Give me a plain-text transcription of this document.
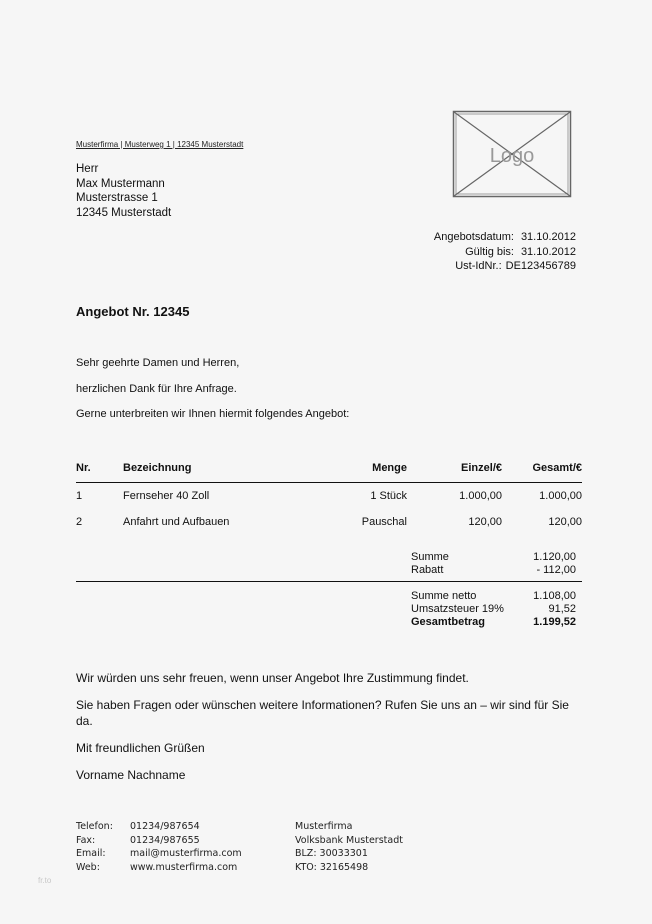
Musterfirma | Musterweg 1 | 12345 Musterstadt
Herr
Max Mustermann
Musterstrasse 1
12345 Musterstadt
Logo
Angebotsdatum: 31.10.2012
Gültig bis: 31.10.2012
Ust-IdNr.: DE123456789
Angebot Nr. 12345
Sehr geehrte Damen und Herren,
herzlichen Dank für Ihre Anfrage.
Gerne unterbreiten wir Ihnen hiermit folgendes Angebot:
Nr.	Bezeichnung	Menge	Einzel/€	Gesamt/€
1	Fernseher 40 Zoll	1 Stück	1.000,00	1.000,00
2	Anfahrt und Aufbauen	Pauschal	120,00	120,00
Summe	1.120,00
Rabatt	- 112,00
Summe netto	1.108,00
Umsatzsteuer 19%	91,52
Gesamtbetrag	1.199,52
Wir würden uns sehr freuen, wenn unser Angebot Ihre Zustimmung findet.
Sie haben Fragen oder wünschen weitere Informationen? Rufen Sie uns an – wir sind für Sie
da.
Mit freundlichen Grüßen
Vorname Nachname
Telefon:	01234/987654
Fax:	01234/987655
Email:	mail@musterfirma.com
Web:	www.musterfirma.com
Musterfirma
Volksbank Musterstadt
BLZ: 30033301
KTO: 32165498
fr.to
